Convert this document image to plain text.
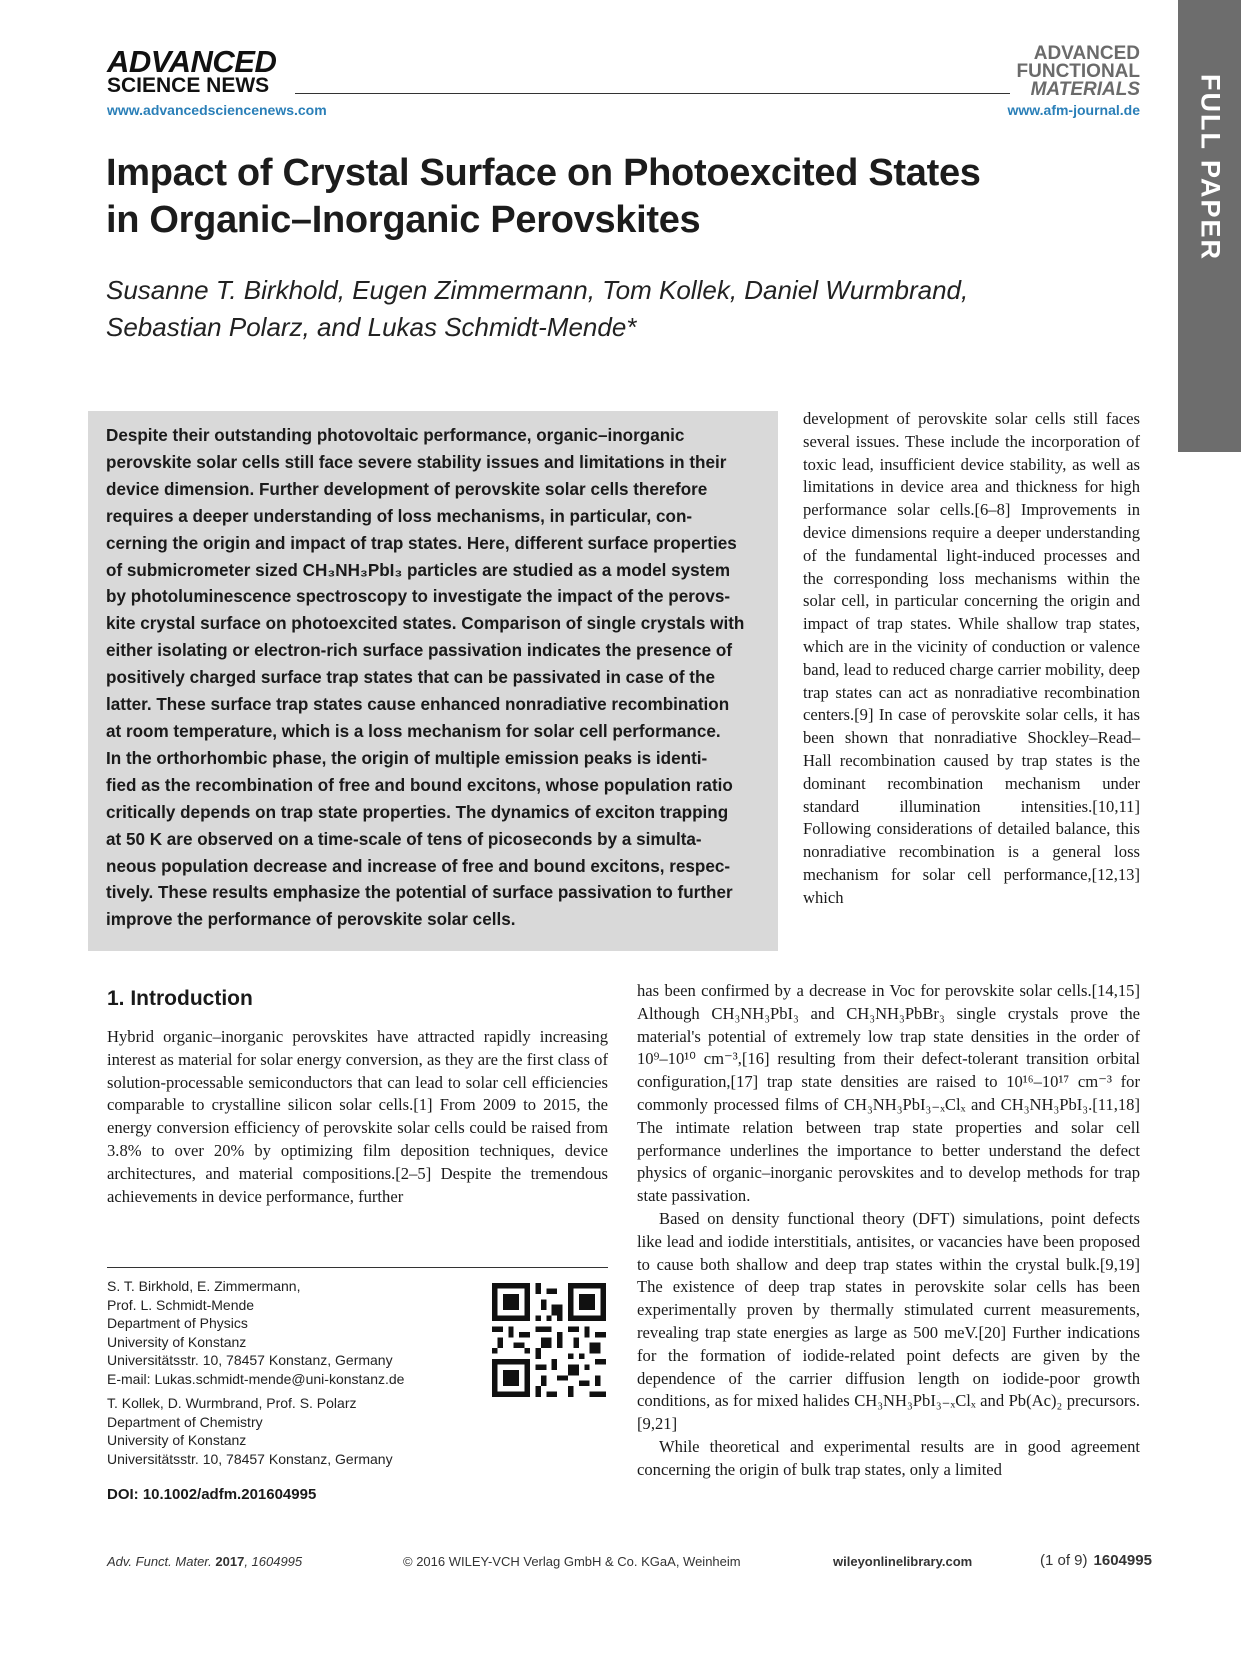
ADVANCED
SCIENCE NEWS
www.advancedsciencenews.com
ADVANCED
FUNCTIONAL
MATERIALS
www.afm-journal.de FULL PAPER
Impact of Crystal Surface on Photoexcited States
in Organic–Inorganic Perovskites
Susanne T. Birkhold, Eugen Zimmermann, Tom Kollek, Daniel Wurmbrand,
Sebastian Polarz, and Lukas Schmidt-Mende*
Despite their outstanding photovoltaic performance, organic–inorganic
perovskite solar cells still face severe stability issues and limitations in their
device dimension. Further development of perovskite solar cells therefore
requires a deeper understanding of loss mechanisms, in particular, con-
cerning the origin and impact of trap states. Here, different surface properties
of submicrometer sized CH₃NH₃PbI₃ particles are studied as a model system
by photoluminescence spectroscopy to investigate the impact of the perovs-
kite crystal surface on photoexcited states. Comparison of single crystals with
either isolating or electron-rich surface passivation indicates the presence of
positively charged surface trap states that can be passivated in case of the
latter. These surface trap states cause enhanced nonradiative recombination
at room temperature, which is a loss mechanism for solar cell performance.
In the orthorhombic phase, the origin of multiple emission peaks is identi-
fied as the recombination of free and bound excitons, whose population ratio
critically depends on trap state properties. The dynamics of exciton trapping
at 50 K are observed on a time-scale of tens of picoseconds by a simulta-
neous population decrease and increase of free and bound excitons, respec-
tively. These results emphasize the potential of surface passivation to further
improve the performance of perovskite solar cells.
development of perovskite solar cells still faces several issues. These include the incorporation of toxic lead, insufficient device stability, as well as limitations in device area and thickness for high performance solar cells.[6–8] Improvements in device dimensions require a deeper understanding of the fundamental light-induced processes and the corresponding loss mechanisms within the solar cell, in particular concerning the origin and impact of trap states. While shallow trap states, which are in the vicinity of conduction or valence band, lead to reduced charge carrier mobility, deep trap states can act as nonradiative recombination centers.[9] In case of perovskite solar cells, it has been shown that nonradiative Shockley–Read–Hall recombination caused by trap states is the dominant recombination mechanism under standard illumination intensities.[10,11] Following considerations of detailed balance, this nonradiative recombination is a general loss mechanism for solar cell performance,[12,13] which
1. Introduction
Hybrid organic–inorganic perovskites have attracted rapidly increasing interest as material for solar energy conversion, as they are the first class of solution-processable semiconductors that can lead to solar cell efficiencies comparable to crystalline silicon solar cells.[1] From 2009 to 2015, the energy conversion efficiency of perovskite solar cells could be raised from 3.8% to over 20% by optimizing film deposition techniques, device architectures, and material compositions.[2–5] Despite the tremendous achievements in device performance, further
has been confirmed by a decrease in Voc for perovskite solar cells.[14,15] Although CH₃NH₃PbI₃ and CH₃NH₃PbBr₃ single crystals prove the material's potential of extremely low trap state densities in the order of 10⁹–10¹⁰ cm⁻³,[16] resulting from their defect-tolerant transition orbital configuration,[17] trap state densities are raised to 10¹⁶–10¹⁷ cm⁻³ for commonly processed films of CH₃NH₃PbI₃₋ₓClₓ and CH₃NH₃PbI₃.[11,18] The intimate relation between trap state properties and solar cell performance underlines the importance to better understand the defect physics of organic–inorganic perovskites and to develop methods for trap state passivation.
Based on density functional theory (DFT) simulations, point defects like lead and iodide interstitials, antisites, or vacancies have been proposed to cause both shallow and deep trap states within the crystal bulk.[9,19] The existence of deep trap states in perovskite solar cells has been experimentally proven by thermally stimulated current measurements, revealing trap state energies as large as 500 meV.[20] Further indications for the formation of iodide-related point defects are given by the dependence of the carrier diffusion length on iodide-poor growth conditions, as for mixed halides CH₃NH₃PbI₃₋ₓClₓ and Pb(Ac)₂ precursors.[9,21]
While theoretical and experimental results are in good agreement concerning the origin of bulk trap states, only a limited
S. T. Birkhold, E. Zimmermann,
Prof. L. Schmidt-Mende
Department of Physics
University of Konstanz
Universitätsstr. 10, 78457 Konstanz, Germany
E-mail: Lukas.schmidt-mende@uni-konstanz.de
T. Kollek, D. Wurmbrand, Prof. S. Polarz
Department of Chemistry
University of Konstanz
Universitätsstr. 10, 78457 Konstanz, Germany
DOI: 10.1002/adfm.201604995
Adv. Funct. Mater. 2017, 1604995	© 2016 WILEY-VCH Verlag GmbH & Co. KGaA, Weinheim	wileyonlinelibrary.com	(1 of 9) 1604995
